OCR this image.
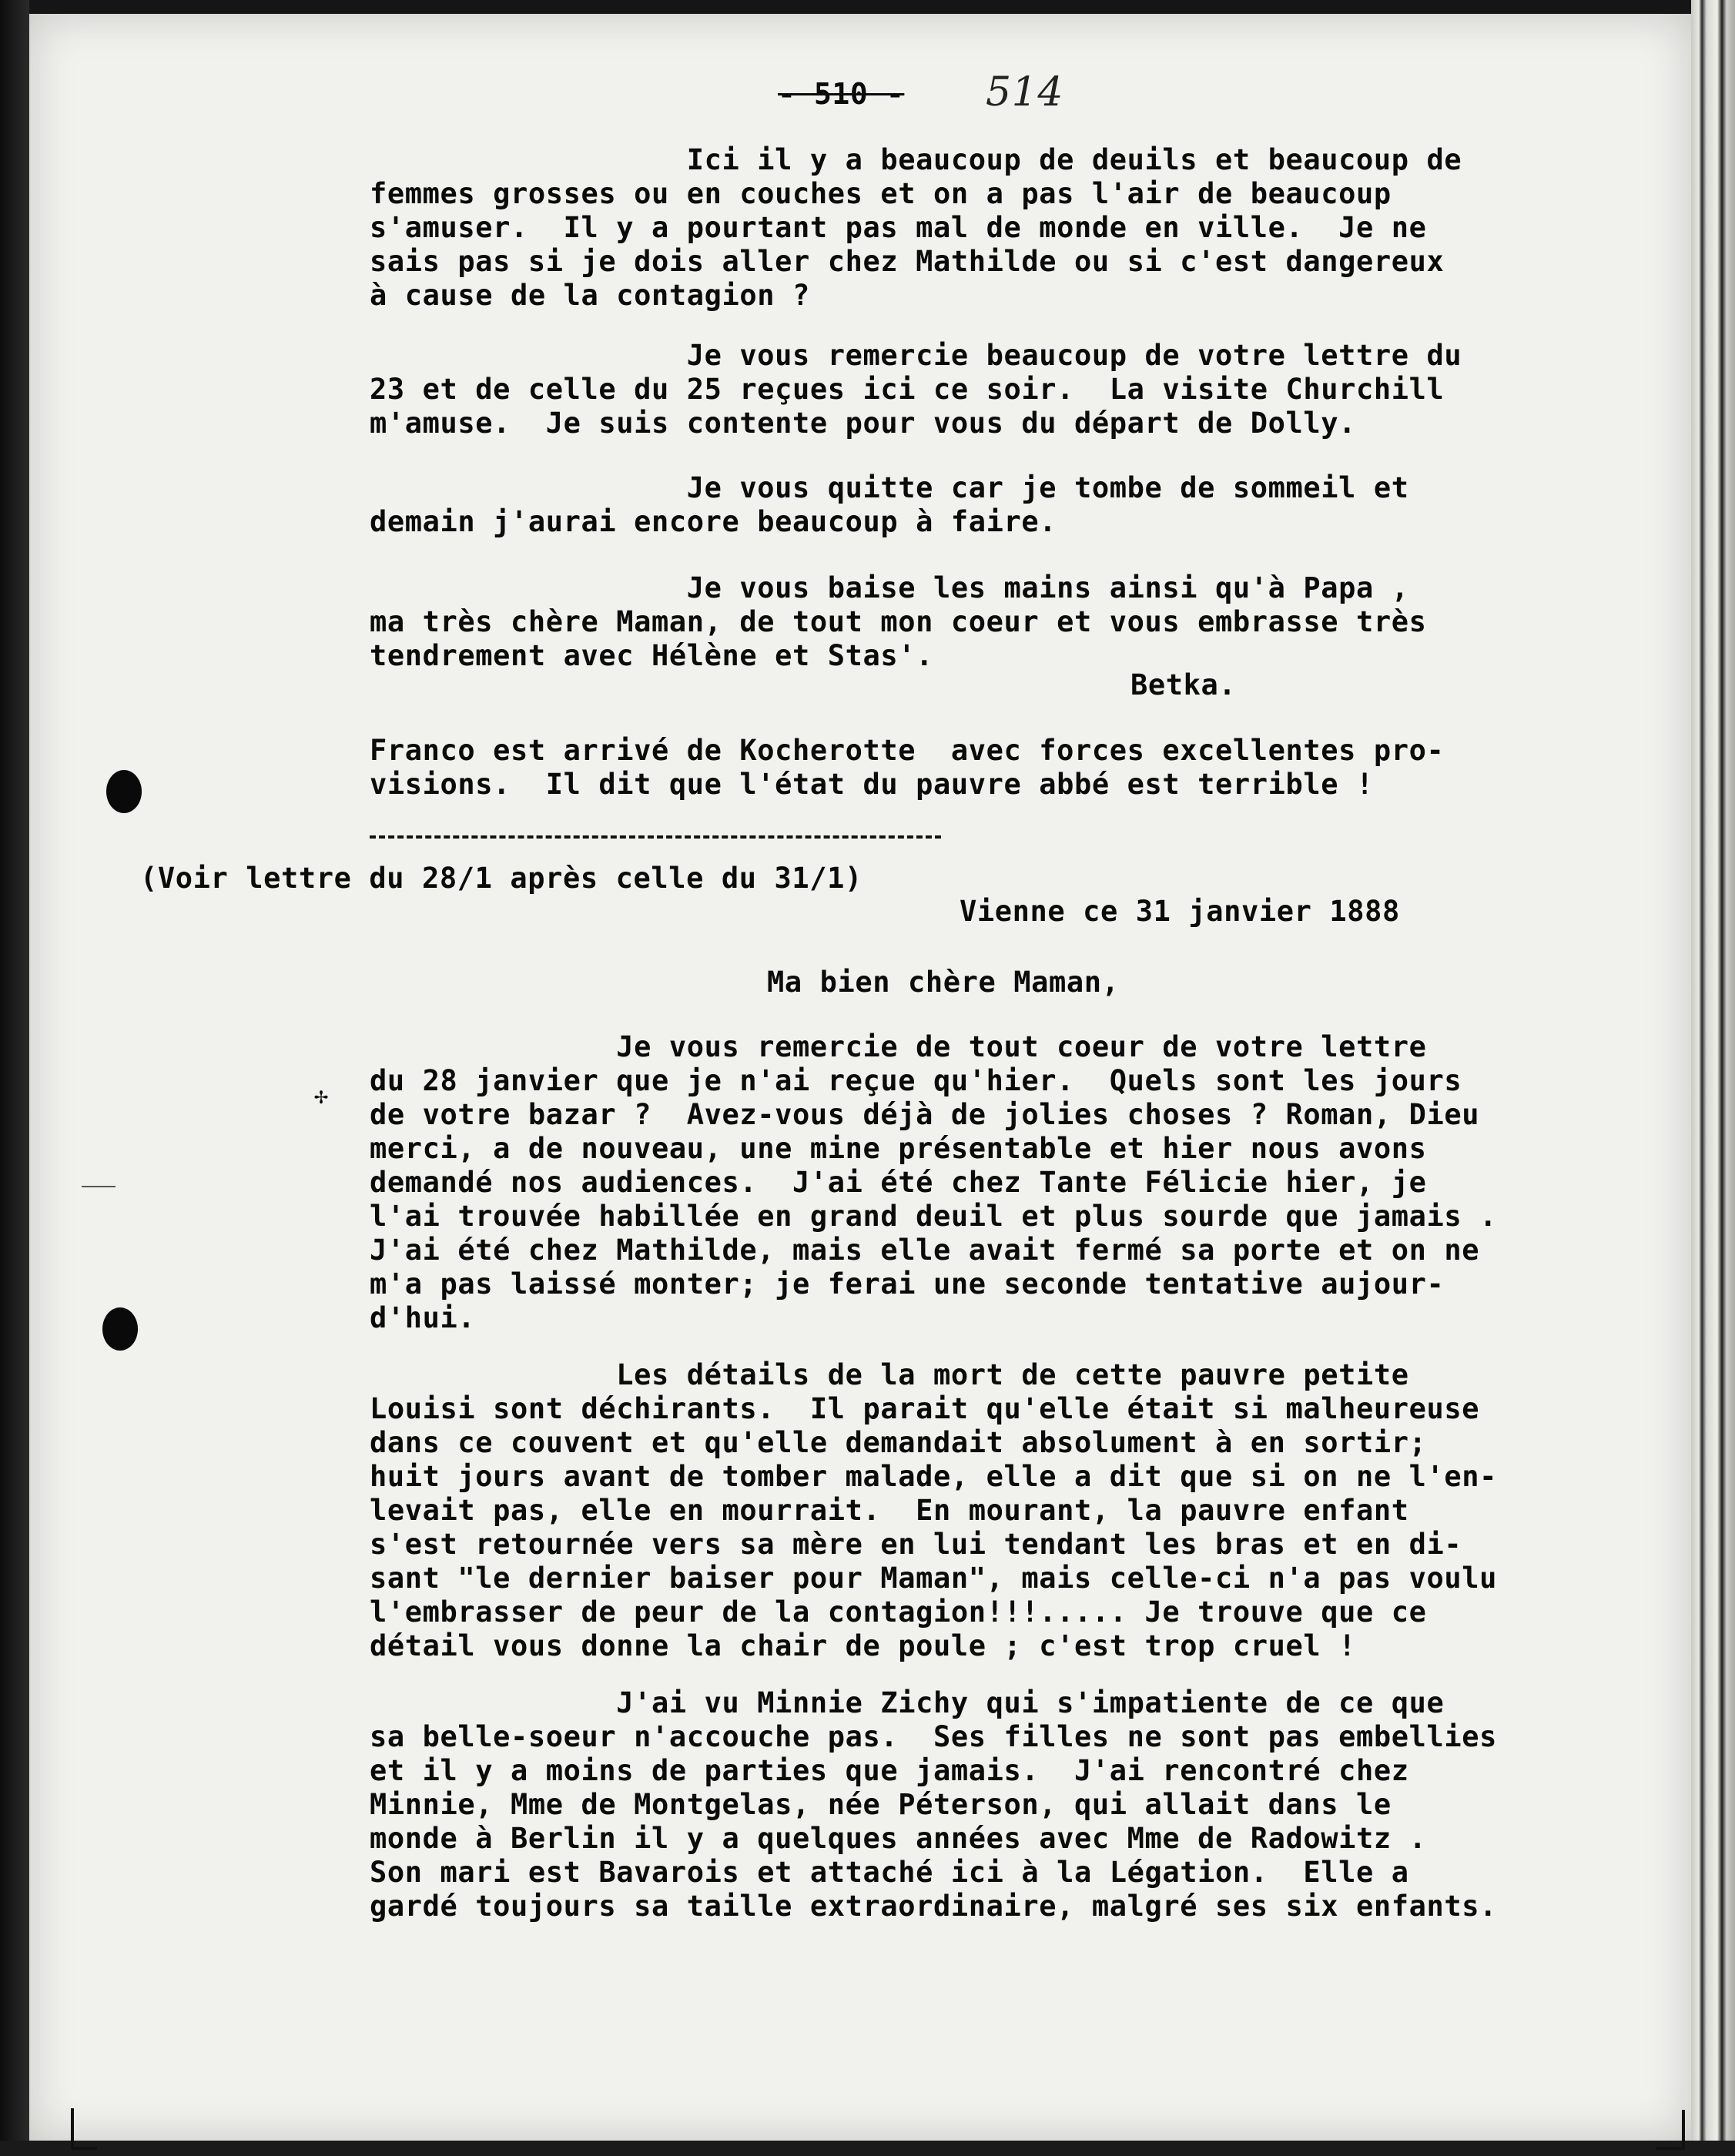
- 510 - 514
Ici il y a beaucoup de deuils et beaucoup de
femmes grosses ou en couches et on a pas l'air de beaucoup
s'amuser.  Il y a pourtant pas mal de monde en ville.  Je ne
sais pas si je dois aller chez Mathilde ou si c'est dangereux
à cause de la contagion ?
Je vous remercie beaucoup de votre lettre du
23 et de celle du 25 reçues ici ce soir.  La visite Churchill
m'amuse.  Je suis contente pour vous du départ de Dolly.
Je vous quitte car je tombe de sommeil et
demain j'aurai encore beaucoup à faire.
Je vous baise les mains ainsi qu'à Papa ,
ma très chère Maman, de tout mon coeur et vous embrasse très
tendrement avec Hélène et Stas'.
Betka.
Franco est arrivé de Kocherotte  avec forces excellentes pro-
visions.  Il dit que l'état du pauvre abbé est terrible !
(Voir lettre du 28/1 après celle du 31/1)
Vienne ce 31 janvier 1888
Ma bien chère Maman,
✢
Je vous remercie de tout coeur de votre lettre
du 28 janvier que je n'ai reçue qu'hier.  Quels sont les jours
de votre bazar ?  Avez-vous déjà de jolies choses ? Roman, Dieu
merci, a de nouveau, une mine présentable et hier nous avons
demandé nos audiences.  J'ai été chez Tante Félicie hier, je
l'ai trouvée habillée en grand deuil et plus sourde que jamais .
J'ai été chez Mathilde, mais elle avait fermé sa porte et on ne
m'a pas laissé monter; je ferai une seconde tentative aujour-
d'hui.
Les détails de la mort de cette pauvre petite
Louisi sont déchirants.  Il parait qu'elle était si malheureuse
dans ce couvent et qu'elle demandait absolument à en sortir;
huit jours avant de tomber malade, elle a dit que si on ne l'en-
levait pas, elle en mourrait.  En mourant, la pauvre enfant
s'est retournée vers sa mère en lui tendant les bras et en di-
sant "le dernier baiser pour Maman", mais celle-ci n'a pas voulu
l'embrasser de peur de la contagion!!!..... Je trouve que ce
détail vous donne la chair de poule ; c'est trop cruel !
J'ai vu Minnie Zichy qui s'impatiente de ce que
sa belle-soeur n'accouche pas.  Ses filles ne sont pas embellies
et il y a moins de parties que jamais.  J'ai rencontré chez
Minnie, Mme de Montgelas, née Péterson, qui allait dans le
monde à Berlin il y a quelques années avec Mme de Radowitz .
Son mari est Bavarois et attaché ici à la Légation.  Elle a
gardé toujours sa taille extraordinaire, malgré ses six enfants.
